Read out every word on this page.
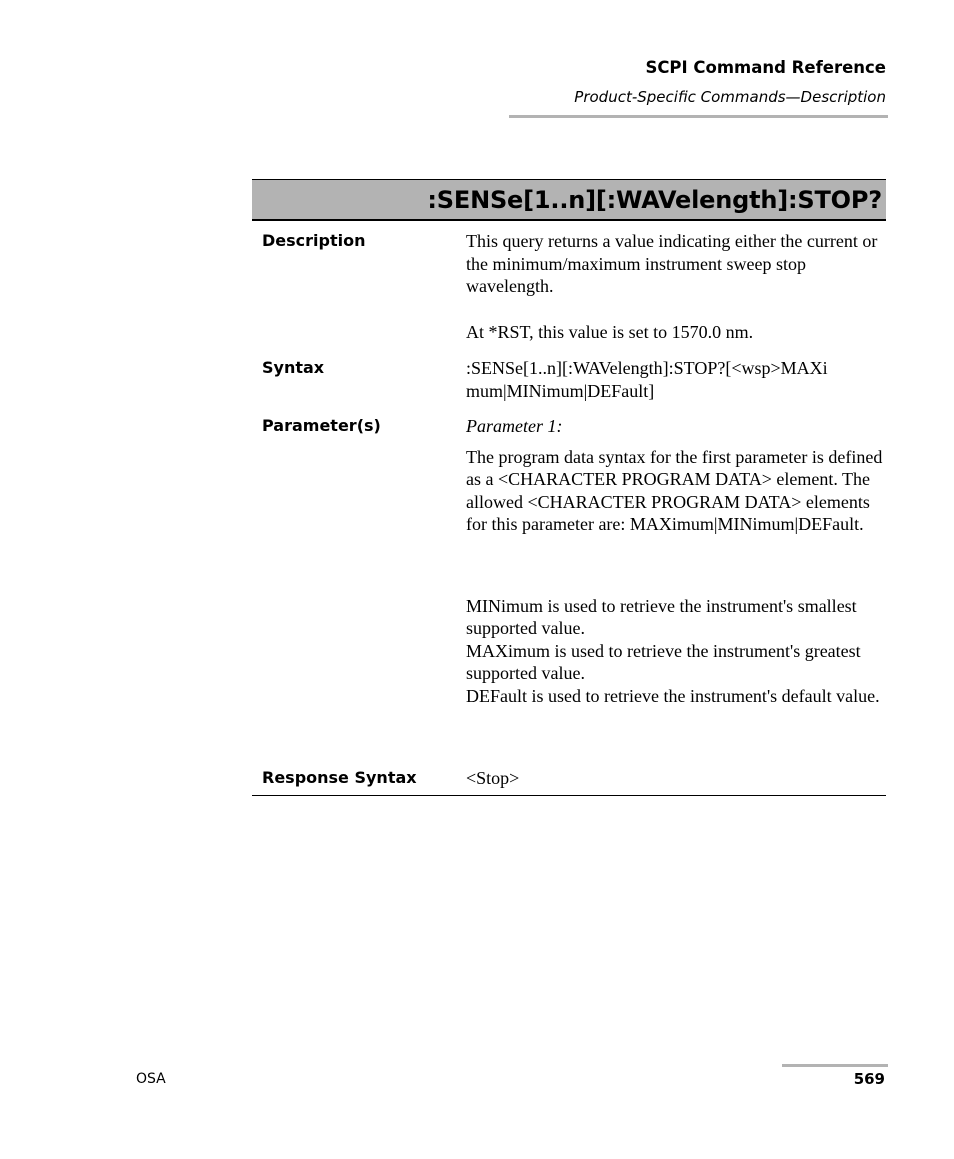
SCPI Command Reference
Product-Specific Commands—Description
:SENSe[1..n][:WAVelength]:STOP?
Description	This query returns a value indicating either the current or the minimum/maximum instrument sweep stop wavelength.

At *RST, this value is set to 1570.0 nm.

Syntax	:SENSe[1..n][:WAVelength]:STOP?[<wsp>MAXi

mum|MINimum|DEFault]

Parameter(s)	Parameter 1:

The program data syntax for the first parameter is defined as a <CHARACTER PROGRAM DATA> element. The allowed <CHARACTER PROGRAM DATA> elements for this parameter are: MAXimum|MINimum|DEFault.

MINimum is used to retrieve the instrument's smallest supported value.

MAXimum is used to retrieve the instrument's greatest supported value.

DEFault is used to retrieve the instrument's default value.

Response Syntax	<Stop>
OSA	569
